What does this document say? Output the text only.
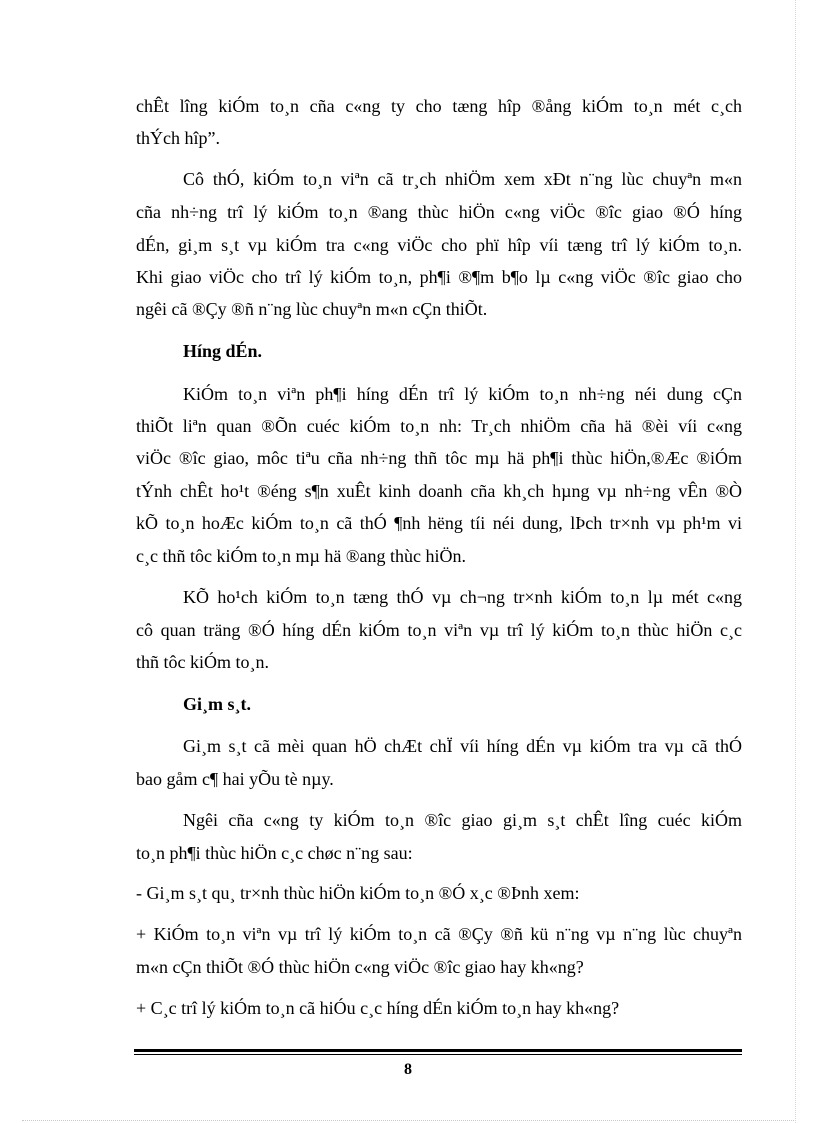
chÊt lîng kiÓm to¸n cña c«ng ty cho tæng hîp ®ång kiÓm to¸n mét c¸ch
thÝch hîp”.
Cô thÓ, kiÓm to¸n viªn cã tr¸ch nhiÖm xem xÐt n¨ng lùc chuyªn m«n
cña nh÷ng trî lý kiÓm to¸n ®ang thùc hiÖn c«ng viÖc ®îc giao ®Ó híng
dÉn, gi¸m s¸t vµ kiÓm tra c«ng viÖc cho phï hîp víi tæng trî lý kiÓm to¸n.
Khi giao viÖc cho trî lý kiÓm to¸n, ph¶i ®¶m b¶o lµ c«ng viÖc ®îc giao cho
ngêi cã ®Çy ®ñ n¨ng lùc chuyªn m«n cÇn thiÕt.
Híng dÉn.
KiÓm to¸n viªn ph¶i híng dÉn trî lý kiÓm to¸n nh÷ng néi dung cÇn
thiÕt liªn quan ®Õn cuéc kiÓm to¸n nh: Tr¸ch nhiÖm cña hä ®èi víi c«ng
viÖc ®îc giao, môc tiªu cña nh÷ng thñ tôc mµ hä ph¶i thùc hiÖn,®Æc ®iÓm
tÝnh chÊt ho¹t ®éng s¶n xuÊt kinh doanh cña kh¸ch hµng vµ nh÷ng vÊn ®Ò
kÕ to¸n hoÆc kiÓm to¸n cã thÓ ¶nh hëng tíi néi dung, lÞch tr×nh vµ ph¹m vi
c¸c thñ tôc kiÓm to¸n mµ hä ®ang thùc hiÖn.
KÕ ho¹ch kiÓm to¸n tæng thÓ vµ ch¬ng tr×nh kiÓm to¸n lµ mét c«ng
cô quan träng ®Ó híng dÉn kiÓm to¸n viªn vµ trî lý kiÓm to¸n thùc hiÖn c¸c
thñ tôc kiÓm to¸n.
Gi¸m s¸t.
Gi¸m s¸t cã mèi quan hÖ chÆt chÏ víi híng dÉn vµ kiÓm tra vµ cã thÓ
bao gåm c¶ hai yÕu tè nµy.
Ngêi cña c«ng ty kiÓm to¸n ®îc giao gi¸m s¸t chÊt lîng cuéc kiÓm
to¸n ph¶i thùc hiÖn c¸c chøc n¨ng sau:
- Gi¸m s¸t qu¸ tr×nh thùc hiÖn kiÓm to¸n ®Ó x¸c ®Þnh xem:
+ KiÓm to¸n viªn vµ trî lý kiÓm to¸n cã ®Çy ®ñ kü n¨ng vµ n¨ng lùc chuyªn
m«n cÇn thiÕt ®Ó thùc hiÖn c«ng viÖc ®îc giao hay kh«ng?
+ C¸c trî lý kiÓm to¸n cã hiÓu c¸c híng dÉn kiÓm to¸n hay kh«ng?
8
